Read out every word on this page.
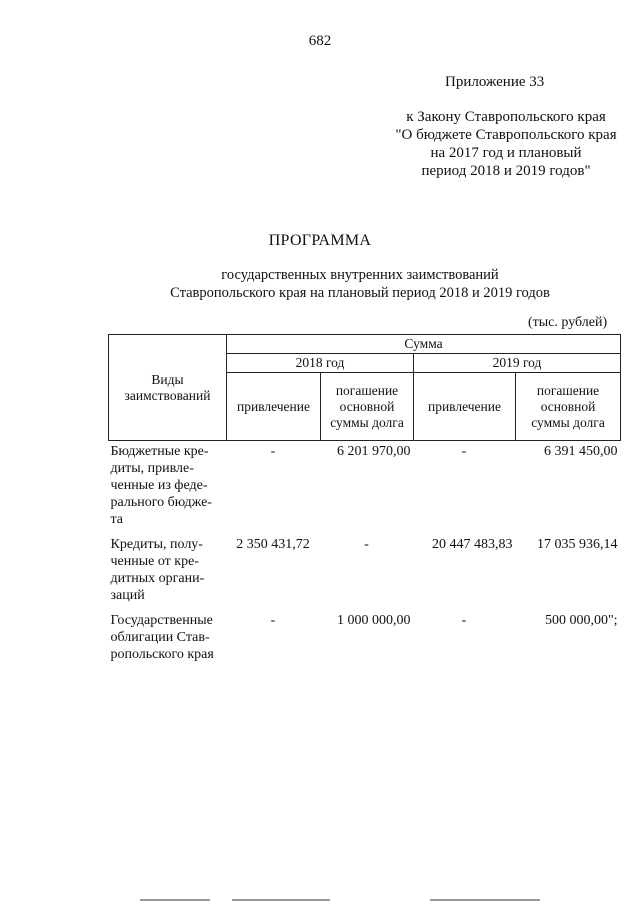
682
Приложение 33
к Закону Ставропольского края
"О бюджете Ставропольского края
на 2017 год и плановый
период 2018 и 2019 годов"
ПРОГРАММА
государственных внутренних заимствований
Ставропольского края на плановый период 2018 и 2019 годов
(тыс. рублей)
Виды заимствований	Сумма			
	2018 год		2019 год	
	привлечение	погашение основной суммы долга	привлечение	погашение основной суммы долга
Бюджетные кре-диты, привле-ченные из феде-рального бюдже-та	-	6 201 970,00	-	6 391 450,00
Кредиты, полу-ченные от кре-дитных органи-заций	2 350 431,72	-	20 447 483,83	17 035 936,14
Государственные облигации Став-ропольского края	-	1 000 000,00	-	500 000,00";
